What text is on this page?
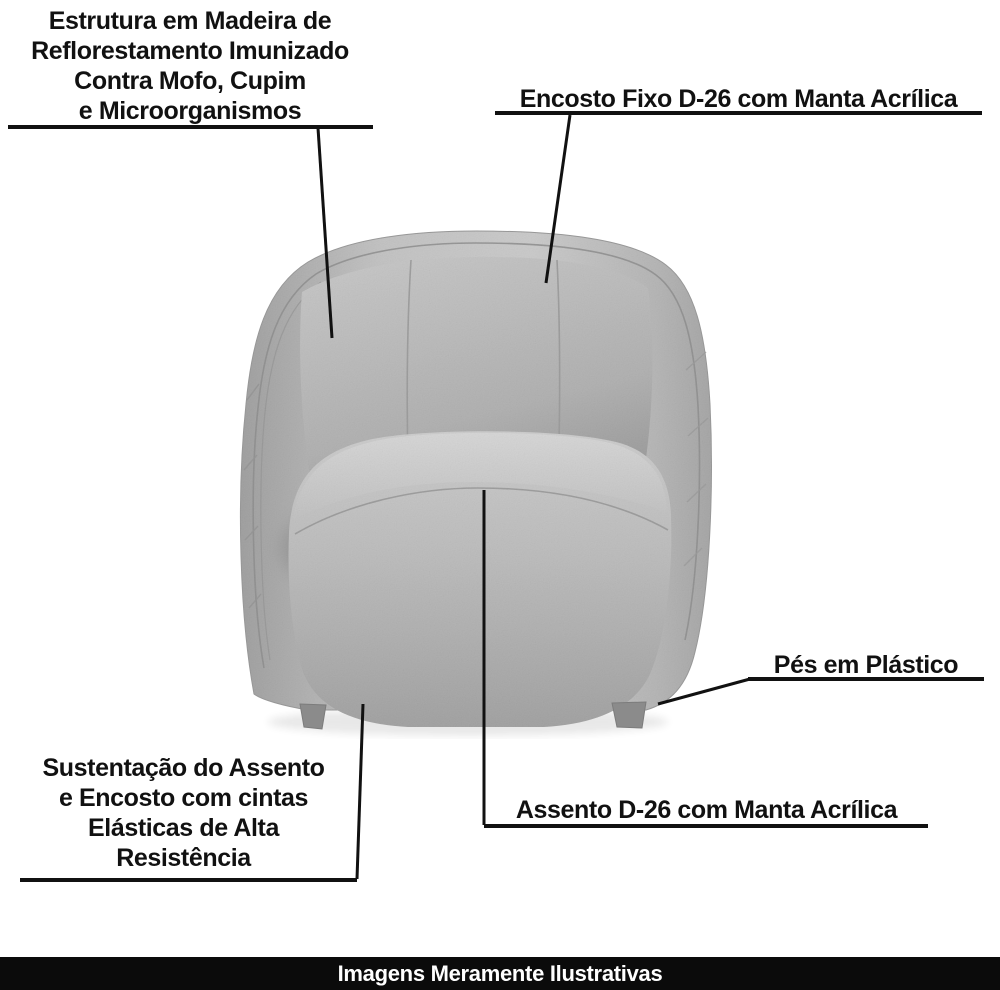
Estrutura em Madeira de
Reflorestamento Imunizado
Contra Mofo, Cupim
e Microorganismos	Encosto Fixo D-26 com Manta Acrílica
Pés em Plástico
Sustentação do Assento
e Encosto com cintas
Elásticas de Alta
Resistência
Assento D-26 com Manta Acrílica
Imagens Meramente Ilustrativas
